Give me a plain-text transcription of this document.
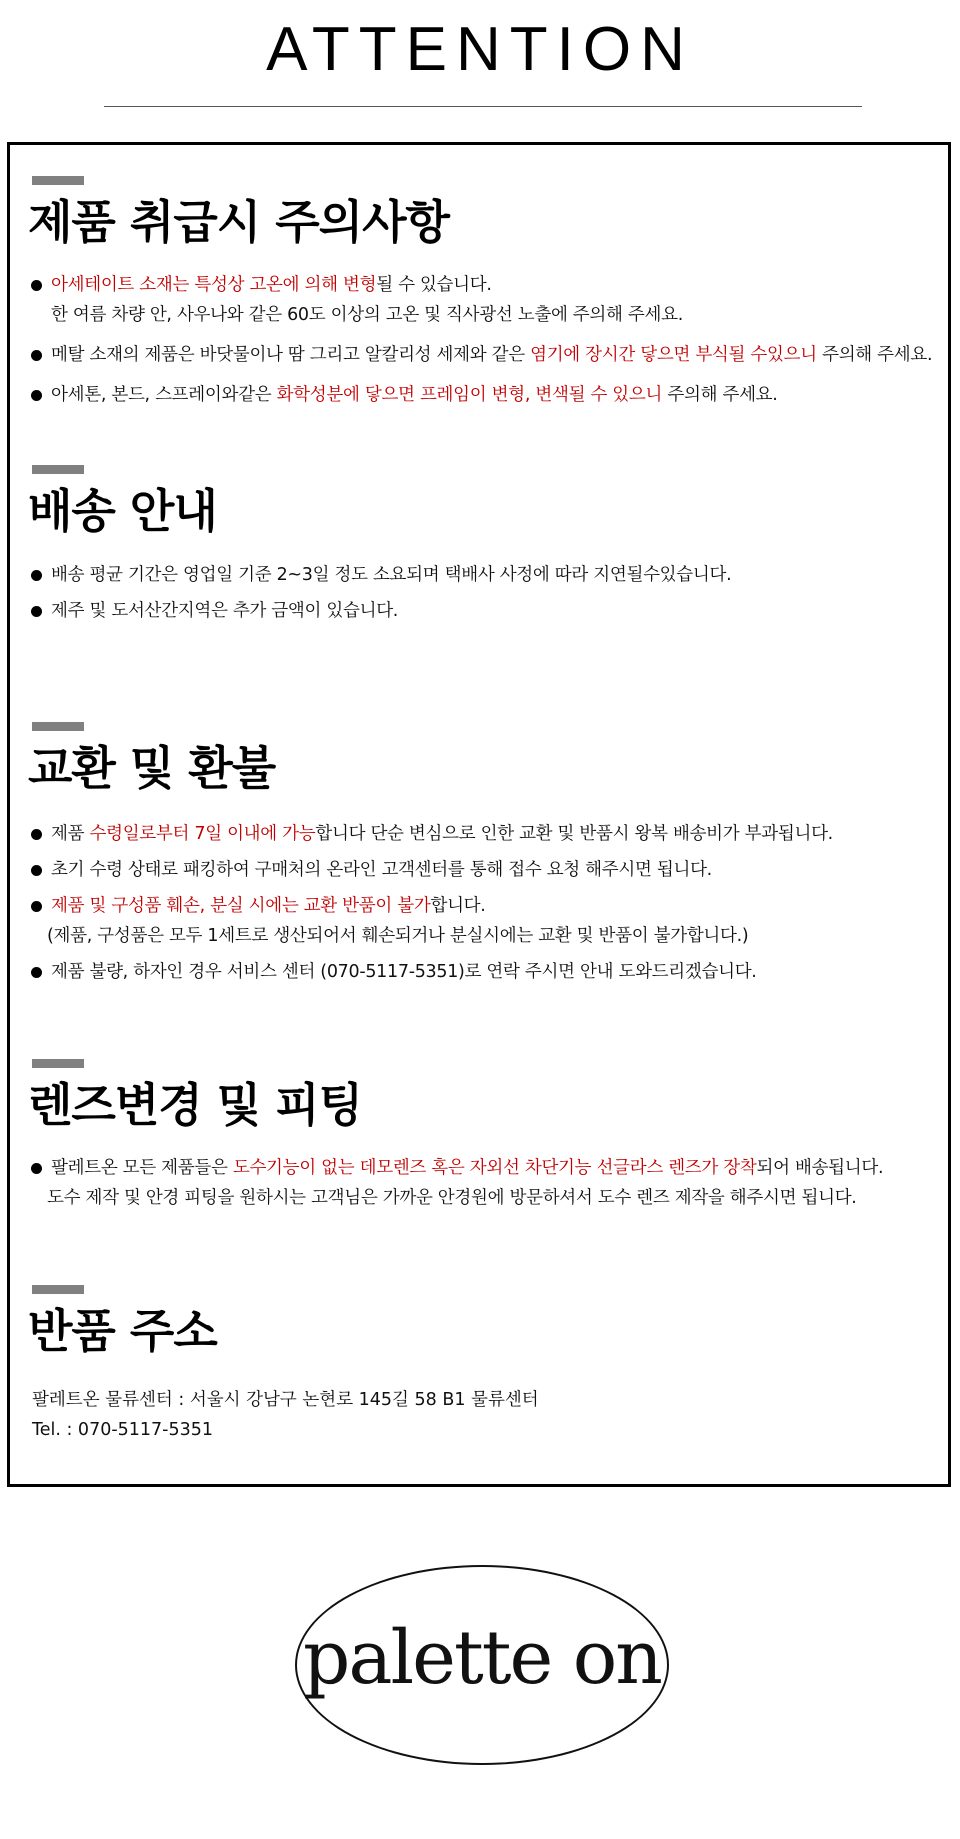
ATTENTION
제품 취급시 주의사항
아세테이트 소재는 특성상 고온에 의해 변형될 수 있습니다.
한 여름 차량 안, 사우나와 같은 60도 이상의 고온 및 직사광선 노출에 주의해 주세요.
메탈 소재의 제품은 바닷물이나 땀 그리고 알칼리성 세제와 같은 염기에 장시간 닿으면 부식될 수있으니 주의해 주세요.
아세톤, 본드, 스프레이와같은 화학성분에 닿으면 프레임이 변형, 변색될 수 있으니 주의해 주세요.
배송 안내
배송 평균 기간은 영업일 기준 2~3일 정도 소요되며 택배사 사정에 따라 지연될수있습니다.
제주 및 도서산간지역은 추가 금액이 있습니다.
교환 및 환불
제품 수령일로부터 7일 이내에 가능합니다 단순 변심으로 인한 교환 및 반품시 왕복 배송비가 부과됩니다.
초기 수령 상태로 패킹하여 구매처의 온라인 고객센터를 통해 접수 요청 해주시면 됩니다.
제품 및 구성품 훼손, 분실 시에는 교환 반품이 불가합니다.
(제품, 구성품은 모두 1세트로 생산되어서 훼손되거나 분실시에는 교환 및 반품이 불가합니다.)
제품 불량, 하자인 경우 서비스 센터 (070-5117-5351)로 연락 주시면 안내 도와드리겠습니다.
렌즈변경 및 피팅
팔레트온 모든 제품들은 도수기능이 없는 데모렌즈 혹은 자외선 차단기능 선글라스 렌즈가 장착되어 배송됩니다.
도수 제작 및 안경 피팅을 원하시는 고객님은 가까운 안경원에 방문하셔서 도수 렌즈 제작을 해주시면 됩니다.
반품 주소
팔레트온 물류센터 : 서울시 강남구 논현로 145길 58 B1 물류센터
Tel. : 070-5117-5351
palette on
